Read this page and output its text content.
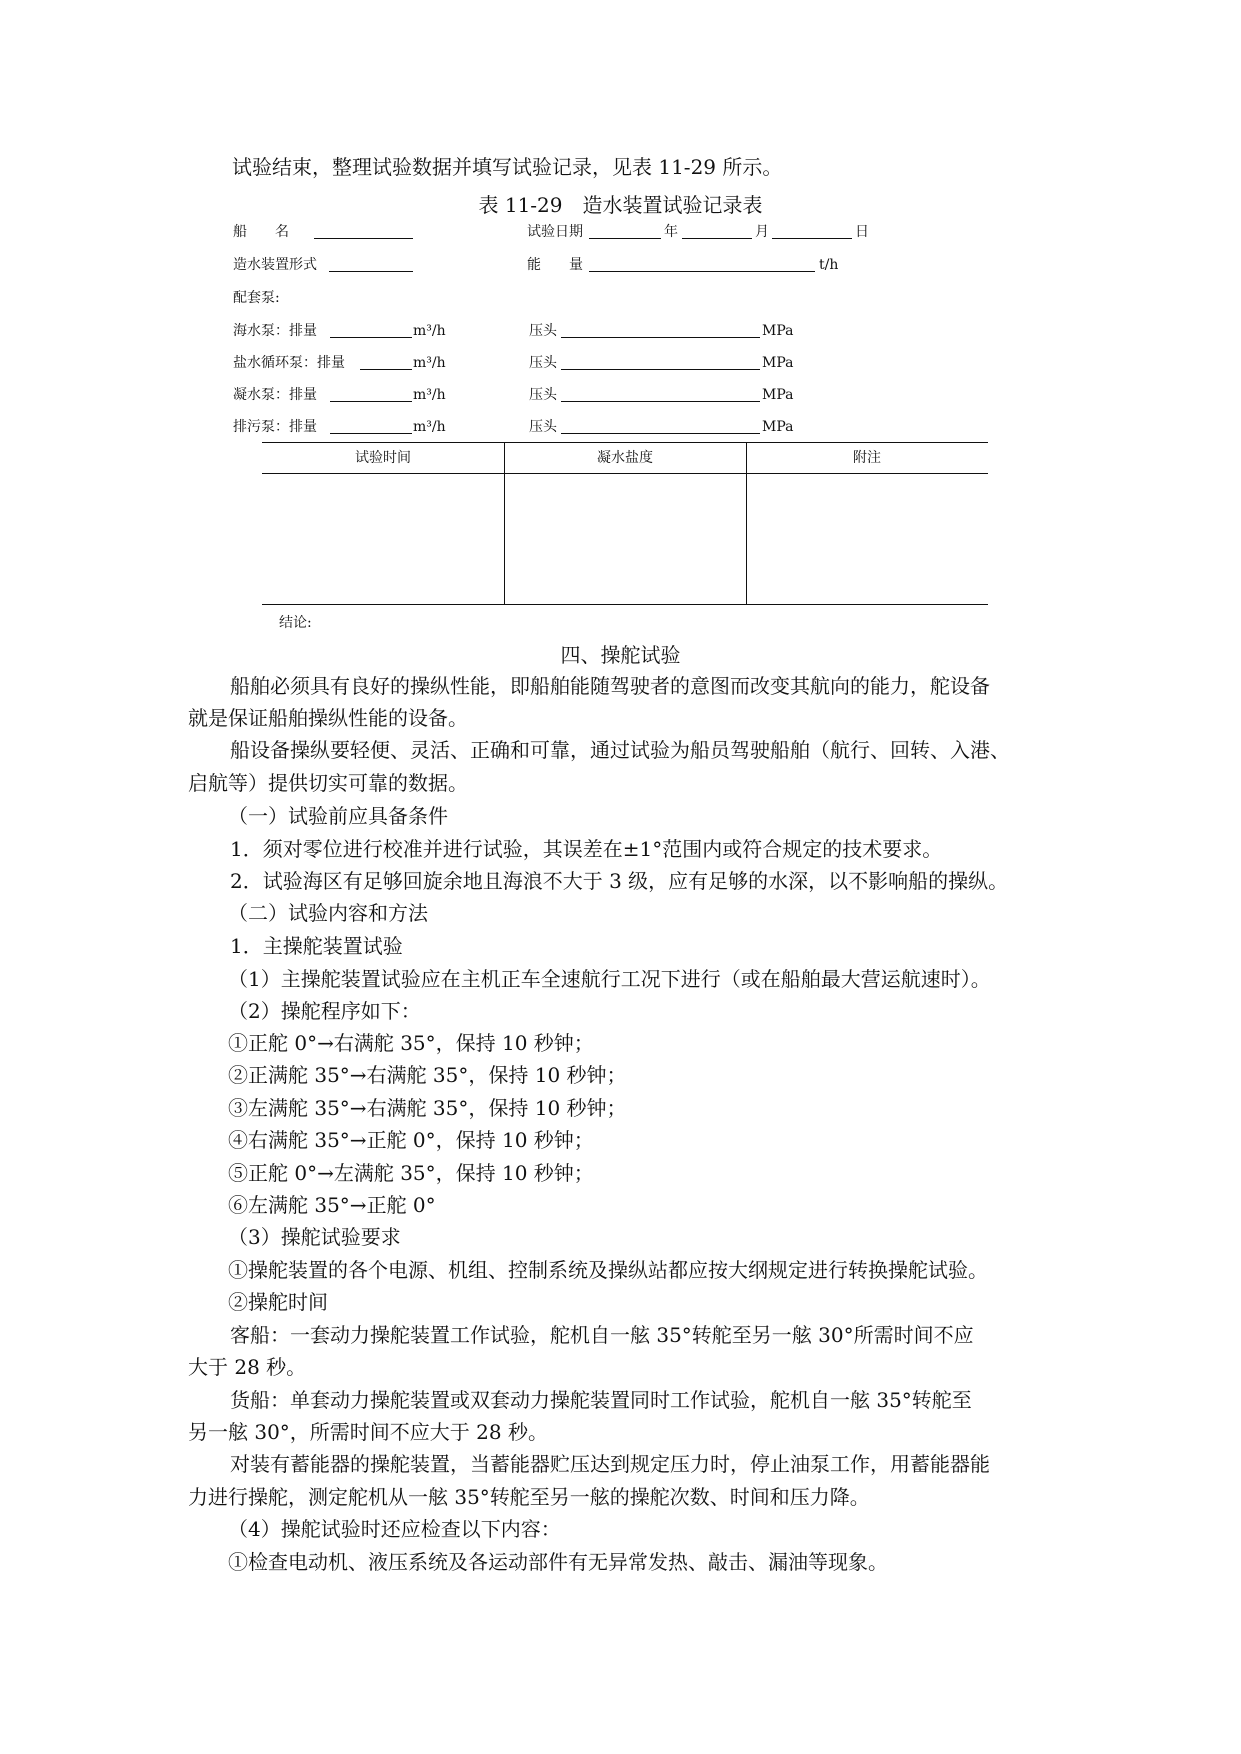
试验结束，整理试验数据并填写试验记录，见表 11-29 所示。
表 11-29　造水装置试验记录表
船　　名	试验日期	年	月	日
造水装置形式	能　　量	t/h
配套泵:
海水泵：排量	m³/h	压头	MPa
盐水循环泵：排量	m³/h	压头	MPa
凝水泵：排量	m³/h	压头	MPa
排污泵：排量	m³/h	压头	MPa
试验时间	凝水盐度	附注
结论:
四、操舵试验
船舶必须具有良好的操纵性能，即船舶能随驾驶者的意图而改变其航向的能力，舵设备
就是保证船舶操纵性能的设备。
船设备操纵要轻便、灵活、正确和可靠，通过试验为船员驾驶船舶（航行、回转、入港、
启航等）提供切实可靠的数据。
（一）试验前应具备条件
1．须对零位进行校准并进行试验，其误差在±1°范围内或符合规定的技术要求。
2．试验海区有足够回旋余地且海浪不大于 3 级，应有足够的水深，以不影响船的操纵。
（二）试验内容和方法
1．主操舵装置试验
（1）主操舵装置试验应在主机正车全速航行工况下进行（或在船舶最大营运航速时）。
（2）操舵程序如下：
①正舵 0°→右满舵 35°，保持 10 秒钟；
②正满舵 35°→右满舵 35°，保持 10 秒钟；
③左满舵 35°→右满舵 35°，保持 10 秒钟；
④右满舵 35°→正舵 0°，保持 10 秒钟；
⑤正舵 0°→左满舵 35°，保持 10 秒钟；
⑥左满舵 35°→正舵 0°
（3）操舵试验要求
①操舵装置的各个电源、机组、控制系统及操纵站都应按大纲规定进行转换操舵试验。
②操舵时间
客船：一套动力操舵装置工作试验，舵机自一舷 35°转舵至另一舷 30°所需时间不应
大于 28 秒。
货船：单套动力操舵装置或双套动力操舵装置同时工作试验，舵机自一舷 35°转舵至
另一舷 30°，所需时间不应大于 28 秒。
对装有蓄能器的操舵装置，当蓄能器贮压达到规定压力时，停止油泵工作，用蓄能器能
力进行操舵，测定舵机从一舷 35°转舵至另一舷的操舵次数、时间和压力降。
（4）操舵试验时还应检查以下内容：
①检查电动机、液压系统及各运动部件有无异常发热、敲击、漏油等现象。
